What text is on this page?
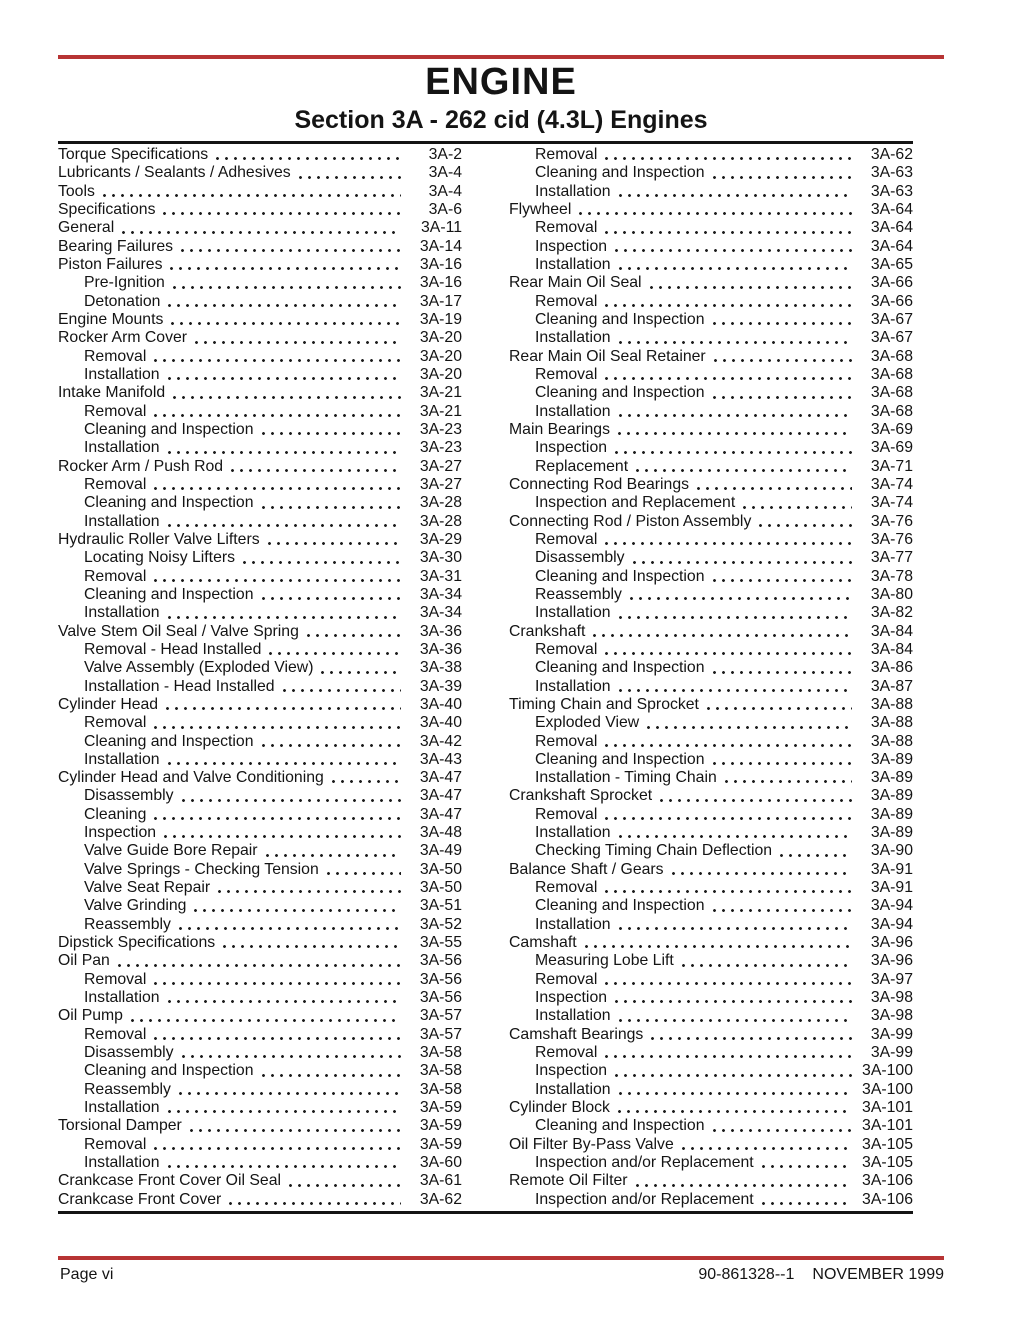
ENGINE
Section 3A - 262 cid (4.3L) Engines
Torque Specifications	3A-2
Lubricants / Sealants / Adhesives	3A-4
Tools	3A-4
Specifications	3A-6
General	3A-11
Bearing Failures	3A-14
Piston Failures	3A-16
Pre-Ignition	3A-16
Detonation	3A-17
Engine Mounts	3A-19
Rocker Arm Cover	3A-20
Removal	3A-20
Installation	3A-20
Intake Manifold	3A-21
Removal	3A-21
Cleaning and Inspection	3A-23
Installation	3A-23
Rocker Arm / Push Rod	3A-27
Removal	3A-27
Cleaning and Inspection	3A-28
Installation	3A-28
Hydraulic Roller Valve Lifters	3A-29
Locating Noisy Lifters	3A-30
Removal	3A-31
Cleaning and Inspection	3A-34
Installation	3A-34
Valve Stem Oil Seal / Valve Spring	3A-36
Removal - Head Installed	3A-36
Valve Assembly (Exploded View)	3A-38
Installation - Head Installed	3A-39
Cylinder Head	3A-40
Removal	3A-40
Cleaning and Inspection	3A-42
Installation	3A-43
Cylinder Head and Valve Conditioning	3A-47
Disassembly	3A-47
Cleaning	3A-47
Inspection	3A-48
Valve Guide Bore Repair	3A-49
Valve Springs - Checking Tension	3A-50
Valve Seat Repair	3A-50
Valve Grinding	3A-51
Reassembly	3A-52
Dipstick Specifications	3A-55
Oil Pan	3A-56
Removal	3A-56
Installation	3A-56
Oil Pump	3A-57
Removal	3A-57
Disassembly	3A-58
Cleaning and Inspection	3A-58
Reassembly	3A-58
Installation	3A-59
Torsional Damper	3A-59
Removal	3A-59
Installation	3A-60
Crankcase Front Cover Oil Seal	3A-61
Crankcase Front Cover	3A-62
Removal	3A-62
Cleaning and Inspection	3A-63
Installation	3A-63
Flywheel	3A-64
Removal	3A-64
Inspection	3A-64
Installation	3A-65
Rear Main Oil Seal	3A-66
Removal	3A-66
Cleaning and Inspection	3A-67
Installation	3A-67
Rear Main Oil Seal Retainer	3A-68
Removal	3A-68
Cleaning and Inspection	3A-68
Installation	3A-68
Main Bearings	3A-69
Inspection	3A-69
Replacement	3A-71
Connecting Rod Bearings	3A-74
Inspection and Replacement	3A-74
Connecting Rod / Piston Assembly	3A-76
Removal	3A-76
Disassembly	3A-77
Cleaning and Inspection	3A-78
Reassembly	3A-80
Installation	3A-82
Crankshaft	3A-84
Removal	3A-84
Cleaning and Inspection	3A-86
Installation	3A-87
Timing Chain and Sprocket	3A-88
Exploded View	3A-88
Removal	3A-88
Cleaning and Inspection	3A-89
Installation - Timing Chain	3A-89
Crankshaft Sprocket	3A-89
Removal	3A-89
Installation	3A-89
Checking Timing Chain Deflection	3A-90
Balance Shaft / Gears	3A-91
Removal	3A-91
Cleaning and Inspection	3A-94
Installation	3A-94
Camshaft	3A-96
Measuring Lobe Lift	3A-96
Removal	3A-97
Inspection	3A-98
Installation	3A-98
Camshaft Bearings	3A-99
Removal	3A-99
Inspection	3A-100
Installation	3A-100
Cylinder Block	3A-101
Cleaning and Inspection	3A-101
Oil Filter By-Pass Valve	3A-105
Inspection and/or Replacement	3A-105
Remote Oil Filter	3A-106
Inspection and/or Replacement	3A-106
Page vi	90-861328--1 NOVEMBER 1999
